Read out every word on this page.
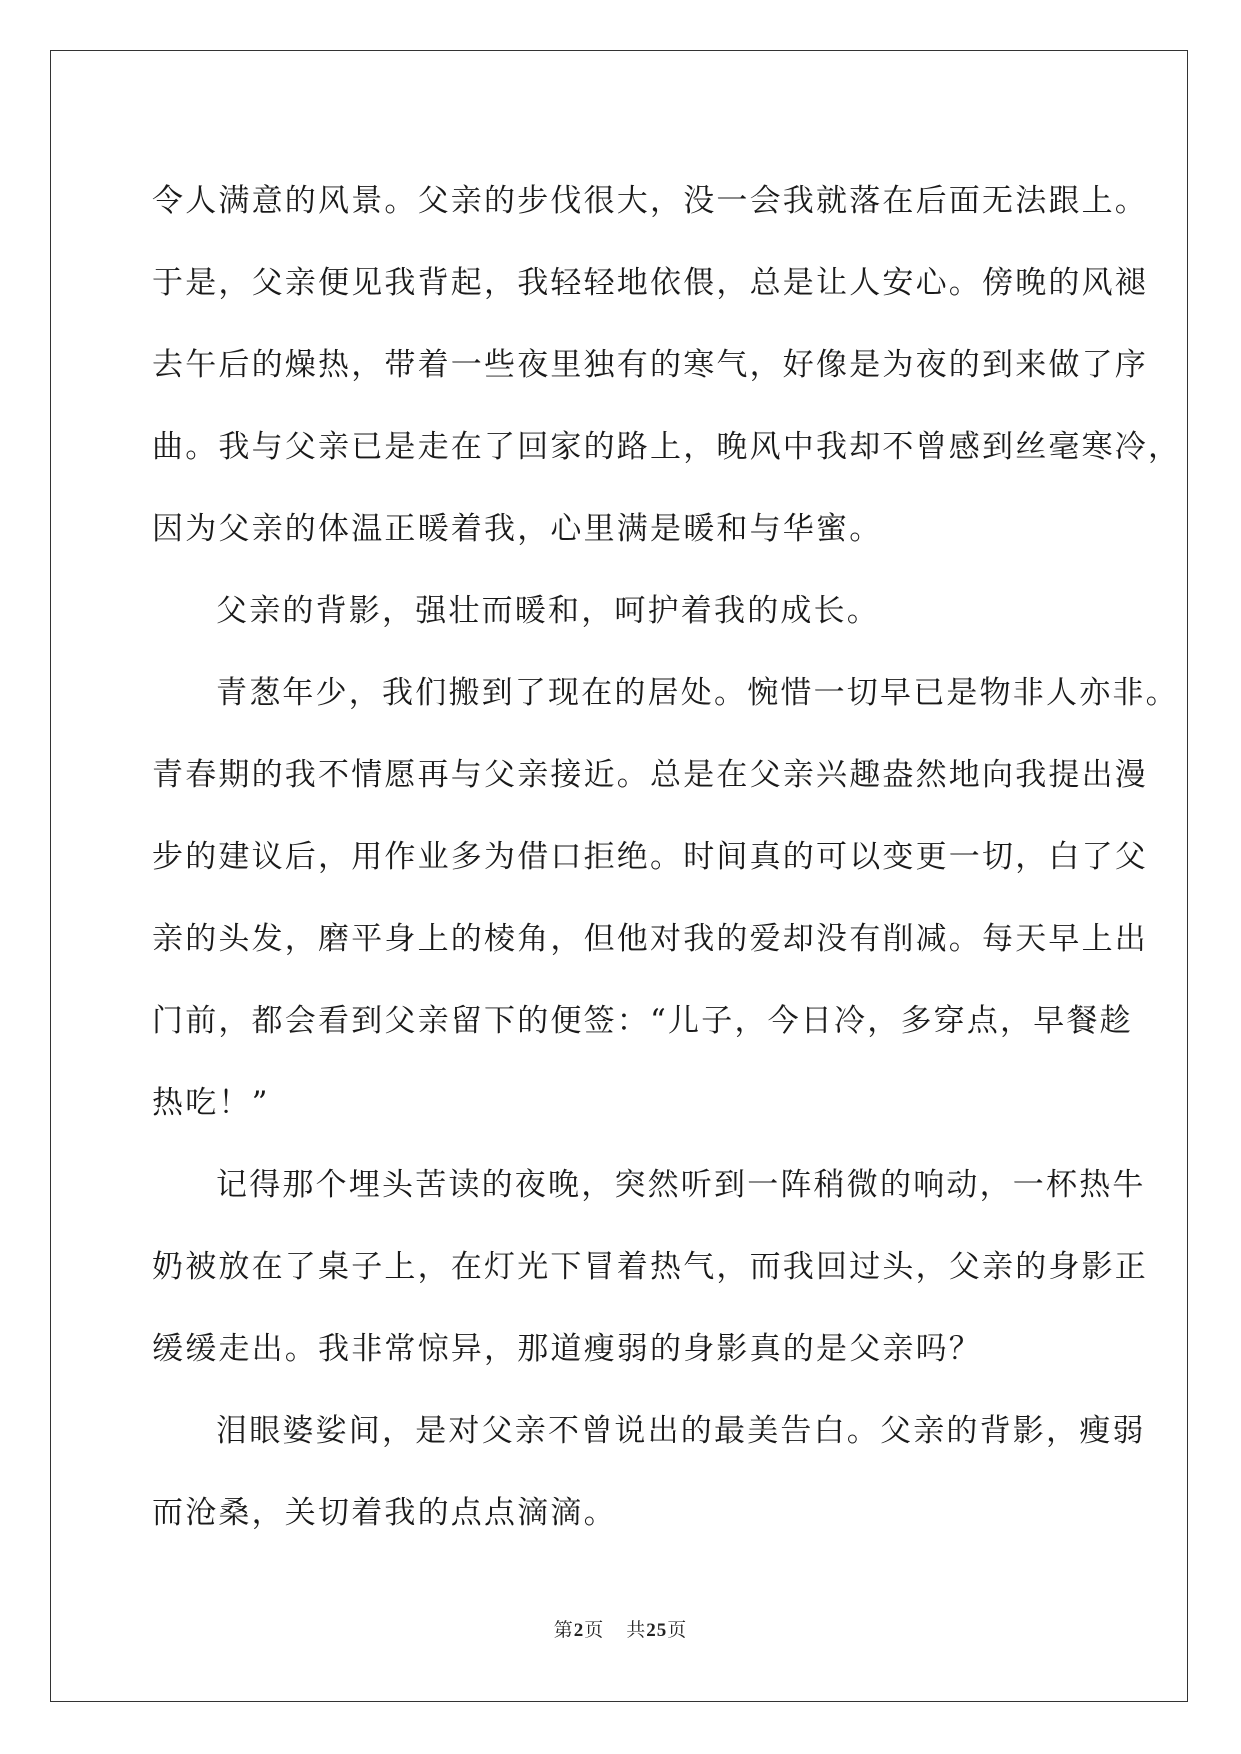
令人满意的风景。父亲的步伐很大，没一会我就落在后面无法跟上。
于是，父亲便见我背起，我轻轻地依偎，总是让人安心。傍晚的风褪
去午后的燥热，带着一些夜里独有的寒气，好像是为夜的到来做了序
曲。我与父亲已是走在了回家的路上，晚风中我却不曾感到丝毫寒冷，
因为父亲的体温正暖着我，心里满是暖和与华蜜。
父亲的背影，强壮而暖和，呵护着我的成长。
青葱年少，我们搬到了现在的居处。惋惜一切早已是物非人亦非。
青春期的我不情愿再与父亲接近。总是在父亲兴趣盎然地向我提出漫
步的建议后，用作业多为借口拒绝。时间真的可以变更一切，白了父
亲的头发，磨平身上的棱角，但他对我的爱却没有削减。每天早上出
门前，都会看到父亲留下的便签：“儿子，今日冷，多穿点，早餐趁
热吃！”
记得那个埋头苦读的夜晚，突然听到一阵稍微的响动，一杯热牛
奶被放在了桌子上，在灯光下冒着热气，而我回过头，父亲的身影正
缓缓走出。我非常惊异，那道瘦弱的身影真的是父亲吗？
泪眼婆娑间，是对父亲不曾说出的最美告白。父亲的背影，瘦弱
而沧桑，关切着我的点点滴滴。
第2页 共25页
